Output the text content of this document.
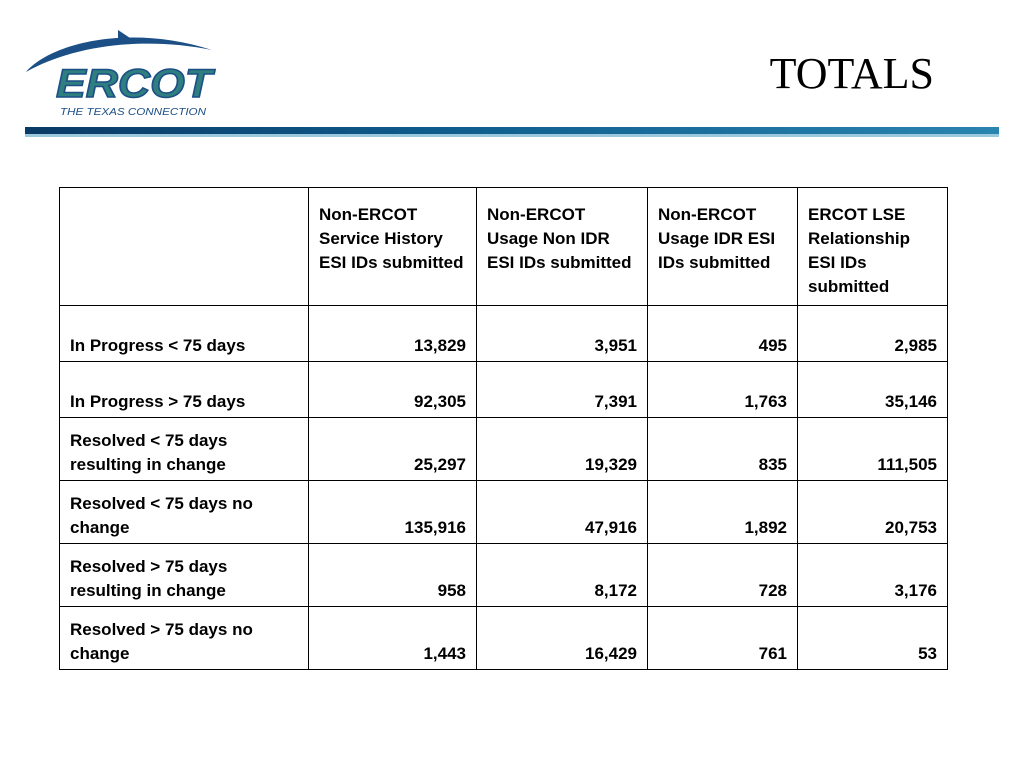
ERCOT
THE TEXAS CONNECTION
TOTALS
	Non-ERCOT Service History ESI IDs submitted	Non-ERCOT Usage Non IDR ESI IDs submitted	Non-ERCOT Usage IDR ESI IDs submitted	ERCOT LSE Relationship ESI IDs submitted
In Progress < 75 days	13,829	3,951	495	2,985
In Progress > 75 days	92,305	7,391	1,763	35,146
Resolved < 75 days resulting in change	25,297	19,329	835	111,505
Resolved < 75 days no change	135,916	47,916	1,892	20,753
Resolved > 75 days resulting in change	958	8,172	728	3,176
Resolved > 75 days no change	1,443	16,429	761	53
